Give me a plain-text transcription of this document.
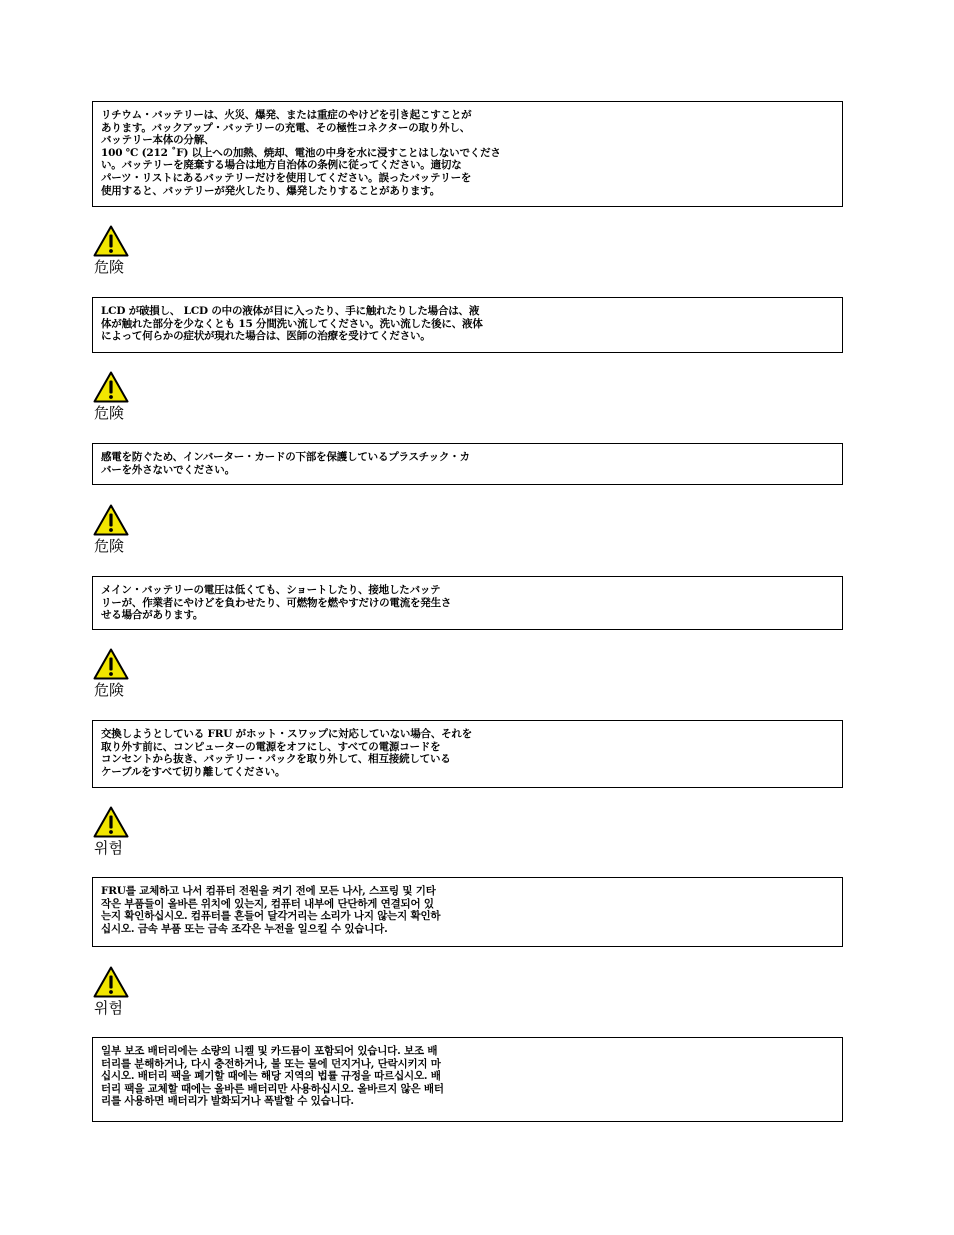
リチウム・バッテリーは、火災、爆発、または重症のやけどを引き起こすことが
あります。バックアップ・バッテリーの充電、その極性コネクターの取り外し、
バッテリー本体の分解、
100 ℃ (212 ˚F) 以上への加熱、焼却、電池の中身を水に浸すことはしないでくださ
い。バッテリーを廃棄する場合は地方自治体の条例に従ってください。適切な
パーツ・リストにあるバッテリーだけを使用してください。誤ったバッテリーを
使用すると、バッテリーが発火したり、爆発したりすることがあります。
危険
LCD が破損し、 LCD の中の液体が目に入ったり、手に触れたりした場合は、液
体が触れた部分を少なくとも 15 分間洗い流してください。洗い流した後に、液体
によって何らかの症状が現れた場合は、医師の治療を受けてください。
危険
感電を防ぐため、インバーター・カードの下部を保護しているプラスチック・カ
バーを外さないでください。
危険
メイン・バッテリーの電圧は低くても、ショートしたり、接地したバッテ
リーが、作業者にやけどを負わせたり、可燃物を燃やすだけの電流を発生さ
せる場合があります。
危険
交換しようとしている FRU がホット・スワップに対応していない場合、それを
取り外す前に、コンピューターの電源をオフにし、すべての電源コードを
コンセントから抜き、バッテリー・パックを取り外して、相互接続している
ケーブルをすべて切り離してください。
위험
FRU를 교체하고 나서 컴퓨터 전원을 켜기 전에 모든 나사, 스프링 및 기타
작은 부품들이 올바른 위치에 있는지, 컴퓨터 내부에 단단하게 연결되어 있
는지 확인하십시오. 컴퓨터를 흔들어 달각거리는 소리가 나지 않는지 확인하
십시오. 금속 부품 또는 금속 조각은 누전을 일으킬 수 있습니다.
위험
일부 보조 배터리에는 소량의 니켈 및 카드뮴이 포함되어 있습니다. 보조 배
터리를 분해하거나, 다시 충전하거나, 불 또는 물에 던지거나, 단락시키지 마
십시오. 배터리 팩을 폐기할 때에는 해당 지역의 법률 규정을 따르십시오. 배
터리 팩을 교체할 때에는 올바른 배터리만 사용하십시오. 올바르지 않은 배터
리를 사용하면 배터리가 발화되거나 폭발할 수 있습니다.
